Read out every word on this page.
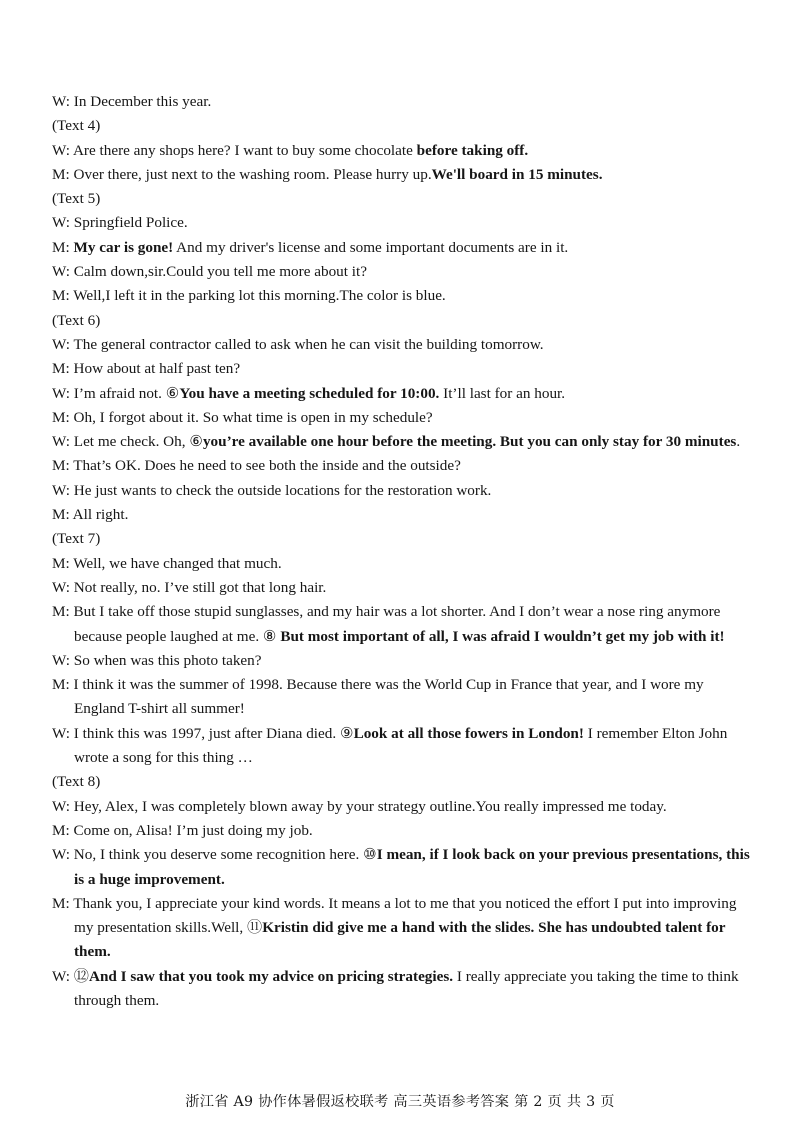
W: In December this year.
(Text 4)
W: Are there any shops here? I want to buy some chocolate before taking off.
M: Over there, just next to the washing room. Please hurry up.We'll board in 15 minutes.
(Text 5)
W: Springfield Police.
M: My car is gone! And my driver's license and some important documents are in it.
W: Calm down,sir.Could you tell me more about it?
M: Well,I left it in the parking lot this morning.The color is blue.
(Text 6)
W: The general contractor called to ask when he can visit the building tomorrow.
M: How about at half past ten?
W: I’m afraid not. ⑥You have a meeting scheduled for 10:00. It’ll last for an hour.
M: Oh, I forgot about it. So what time is open in my schedule?
W: Let me check. Oh, ⑥you’re available one hour before the meeting. But you can only stay for 30 minutes.
M: That’s OK. Does he need to see both the inside and the outside?
W: He just wants to check the outside locations for the restoration work.
M: All right.
(Text 7)
M: Well, we have changed that much.
W: Not really, no. I’ve still got that long hair.
M: But I take off those stupid sunglasses, and my hair was a lot shorter. And I don’t wear a nose ring anymore because people laughed at me. ⑧ But most important of all, I was afraid I wouldn’t get my job with it!
W: So when was this photo taken?
M: I think it was the summer of 1998. Because there was the World Cup in France that year, and I wore my England T-shirt all summer!
W: I think this was 1997, just after Diana died. ⑨Look at all those fowers in London! I remember Elton John wrote a song for this thing …
(Text 8)
W: Hey, Alex, I was completely blown away by your strategy outline.You really impressed me today.
M: Come on, Alisa! I’m just doing my job.
W: No, I think you deserve some recognition here. ⑩I mean, if I look back on your previous presentations, this is a huge improvement.
M: Thank you, I appreciate your kind words. It means a lot to me that you noticed the effort I put into improving my presentation skills.Well, ⑪Kristin did give me a hand with the slides. She has undoubted talent for them.
W: ⑫And I saw that you took my advice on pricing strategies. I really appreciate you taking the time to think through them.
浙江省 A9 协作体暑假返校联考 高三英语参考答案 第 2 页 共 3 页
